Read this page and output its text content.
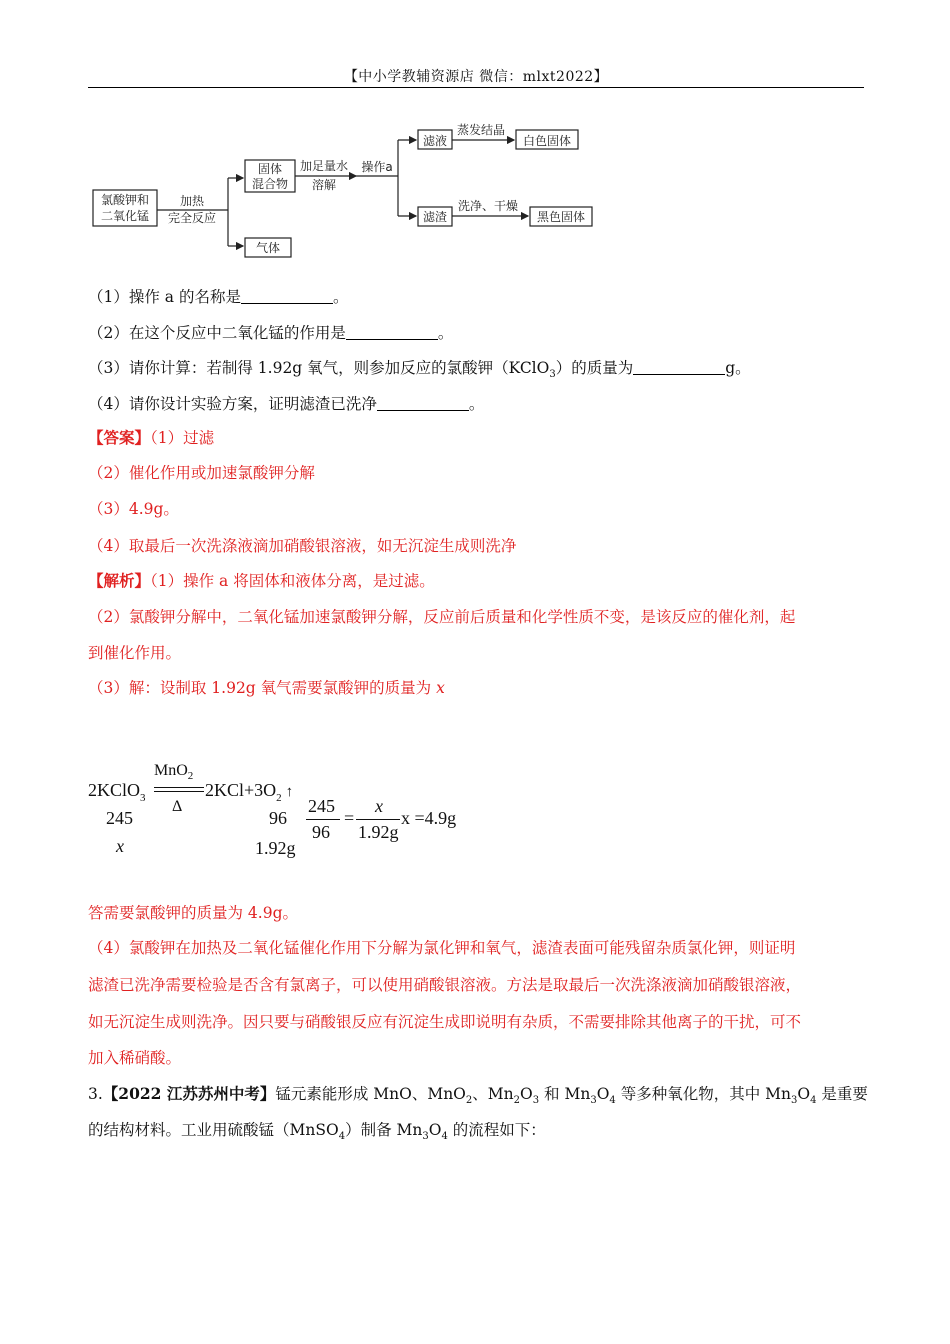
【中小学教辅资源店 微信：mlxt2022】
氯酸钾和
二氧化锰
加热
完全反应
固体
混合物
加足量水
溶解
操作a
滤液
蒸发结晶
白色固体
滤渣
洗净、干燥
黑色固体
气体
（1）操作 a 的名称是	。
（2）在这个反应中二氧化锰的作用是	。
（3）请你计算：若制得 1.92g 氧气，则参加反应的氯酸钾（KClO$_3$）的质量为	g。
（4）请你设计实验方案，证明滤渣已洗净	。
【答案】（1）过滤
（2）催化作用或加速氯酸钾分解
（3）4.9g。
（4）取最后一次洗涤液滴加硝酸银溶液，如无沉淀生成则洗净
【解析】（1）操作 a 将固体和液体分离，是过滤。
（2）氯酸钾分解中，二氧化锰加速氯酸钾分解，反应前后质量和化学性质不变，是该反应的催化剂，起
到催化作用。
（3）解：设制取 1.92g 氧气需要氯酸钾的质量为 x
2KClO$_3$
MnO$_2$
Δ
$2KCl+3O_2$ ↑
245	96
x	1.92g
245
96
=
x
1.92g
x =4.9g
答需要氯酸钾的质量为 4.9g。
（4）氯酸钾在加热及二氧化锰催化作用下分解为氯化钾和氧气，滤渣表面可能残留杂质氯化钾，则证明
滤渣已洗净需要检验是否含有氯离子，可以使用硝酸银溶液。方法是取最后一次洗涤液滴加硝酸银溶液，
如无沉淀生成则洗净。因只要与硝酸银反应有沉淀生成即说明有杂质，不需要排除其他离子的干扰，可不
加入稀硝酸。
3.【2022 江苏苏州中考】锰元素能形成 MnO、MnO$_2$、$Mn_2O_3$ 和 $Mn_3O_4$ 等多种氧化物，其中 $Mn_3O_4$ 是重要
的结构材料。工业用硫酸锰（MnSO$_4$）制备 $Mn_3O_4$ 的流程如下：
